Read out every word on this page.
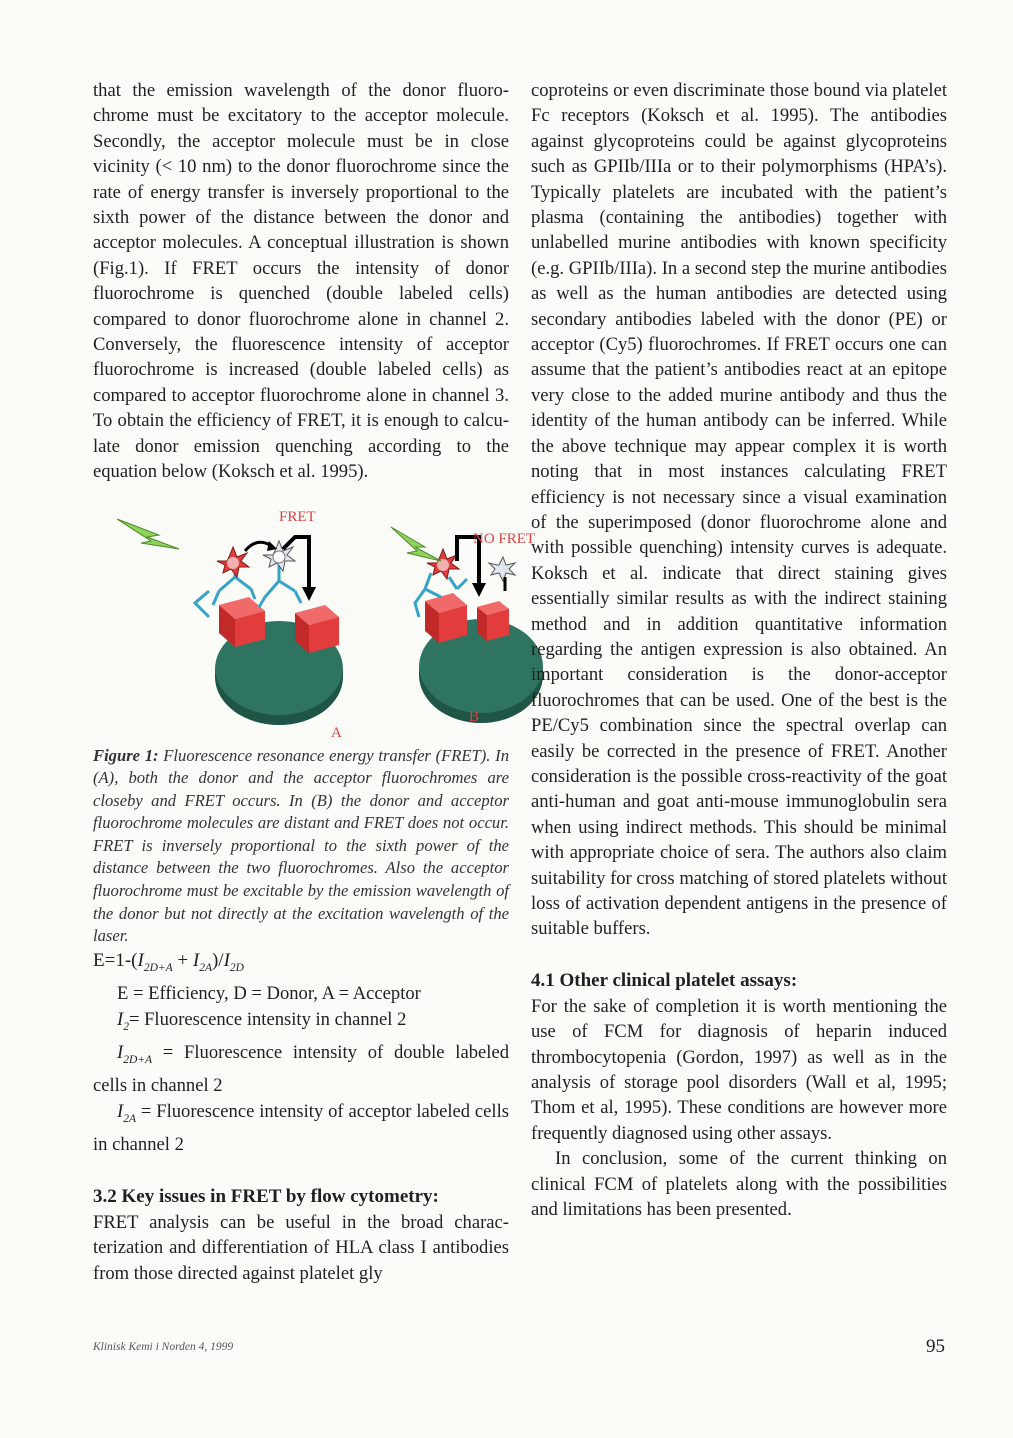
that the emission wavelength of the donor fluorochrome must be excitatory to the acceptor molecule. Secondly, the acceptor molecule must be in close vicinity (< 10 nm) to the donor fluorochrome since the rate of energy transfer is inversely proportional to the sixth power of the distance between the donor and acceptor molecules. A conceptual illustration is shown (Fig.1). If FRET occurs the intensity of donor fluorochrome is quenched (double labeled cells) compared to donor fluorochrome alone in channel 2. Conversely, the fluorescence intensity of acceptor fluorochrome is increased (double labeled cells) as compared to acceptor fluorochrome alone in channel 3. To obtain the efficiency of FRET, it is enough to calculate donor emission quenching according to the equation below (Koksch et al. 1995).

FRET
A
NO FRET
B

Figure 1: Fluorescence resonance energy transfer (FRET). In (A), both the donor and the acceptor fluorochromes are closeby and FRET occurs. In (B) the donor and acceptor fluorochrome molecules are distant and FRET does not occur. FRET is inversely proportional to the sixth power of the distance between the two fluorochromes. Also the acceptor fluorochrome must be excitable by the emission wavelength of the donor but not directly at the excitation wavelength of the laser.

$E=1-(I_{2D+A} + I_{2A})/I_{2D}$

E = Efficiency, D = Donor, A = Acceptor

$I_2=$ Fluorescence intensity in channel 2

$I_{2D+A}$ = Fluorescence intensity of double labeled cells in channel 2

$I_{2A}$ = Fluorescence intensity of acceptor labeled cells in channel 2

3.2 Key issues in FRET by flow cytometry:

FRET analysis can be useful in the broad characterization and differentiation of HLA class I antibodies from those directed against platelet gly

coproteins or even discriminate those bound via platelet Fc receptors (Koksch et al. 1995). The antibodies against glycoproteins could be against glycoproteins such as GPIIb/IIIa or to their polymorphisms (HPA’s). Typically platelets are incubated with the patient’s plasma (containing the antibodies) together with unlabelled murine antibodies with known specificity (e.g. GPIIb/IIIa). In a second step the murine antibodies as well as the human antibodies are detected using secondary antibodies labeled with the donor (PE) or acceptor (Cy5) fluorochromes. If FRET occurs one can assume that the patient’s antibodies react at an epitope very close to the added murine antibody and thus the identity of the human antibody can be inferred. While the above technique may appear complex it is worth noting that in most instances calculating FRET efficiency is not necessary since a visual examination of the superimposed (donor fluorochrome alone and with possible quenching) intensity curves is adequate. Koksch et al. indicate that direct staining gives essentially similar results as with the indirect staining method and in addition quantitative information regarding the antigen expression is also obtained. An important consideration is the donor-acceptor fluorochromes that can be used. One of the best is the PE/Cy5 combination since the spectral overlap can easily be corrected in the presence of FRET. Another consideration is the possible cross-reactivity of the goat anti-human and goat anti-mouse immunoglobulin sera when using indirect methods. This should be minimal with appropriate choice of sera. The authors also claim suitability for cross matching of stored platelets without loss of activation dependent antigens in the presence of suitable buffers.

4.1 Other clinical platelet assays:

For the sake of completion it is worth mentioning the use of FCM for diagnosis of heparin induced thrombocytopenia (Gordon, 1997) as well as in the analysis of storage pool disorders (Wall et al, 1995; Thom et al, 1995). These conditions are however more frequently diagnosed using other assays.

In conclusion, some of the current thinking on clinical FCM of platelets along with the possibilities and limitations has been presented.

Klinisk Kemi i Norden 4, 1999	95
